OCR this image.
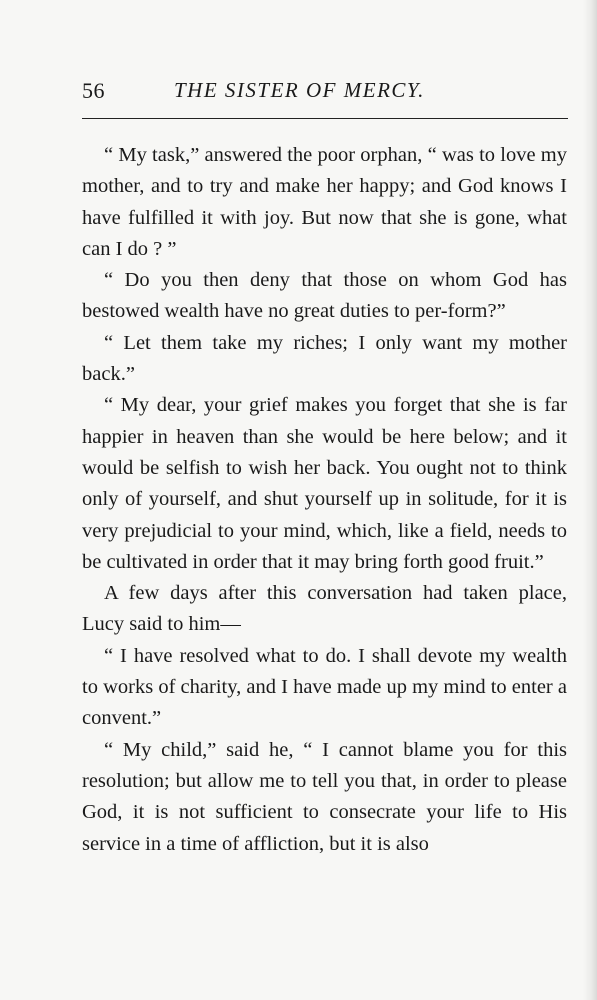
56	THE SISTER OF MERCY.

“ My task,” answered the poor orphan, “ was to love my mother, and to try and make her happy; and God knows I have fulfilled it with joy. But now that she is gone, what can I do ? ”

“ Do you then deny that those on whom God has bestowed wealth have no great duties to per-form?”

“ Let them take my riches; I only want my mother back.”

“ My dear, your grief makes you forget that she is far happier in heaven than she would be here below; and it would be selfish to wish her back. You ought not to think only of yourself, and shut yourself up in solitude, for it is very prejudicial to your mind, which, like a field, needs to be cultivated in order that it may bring forth good fruit.”

A few days after this conversation had taken place, Lucy said to him—

“ I have resolved what to do. I shall devote my wealth to works of charity, and I have made up my mind to enter a convent.”

“ My child,” said he, “ I cannot blame you for this resolution; but allow me to tell you that, in order to please God, it is not sufficient to consecrate your life to His service in a time of affliction, but it is also
